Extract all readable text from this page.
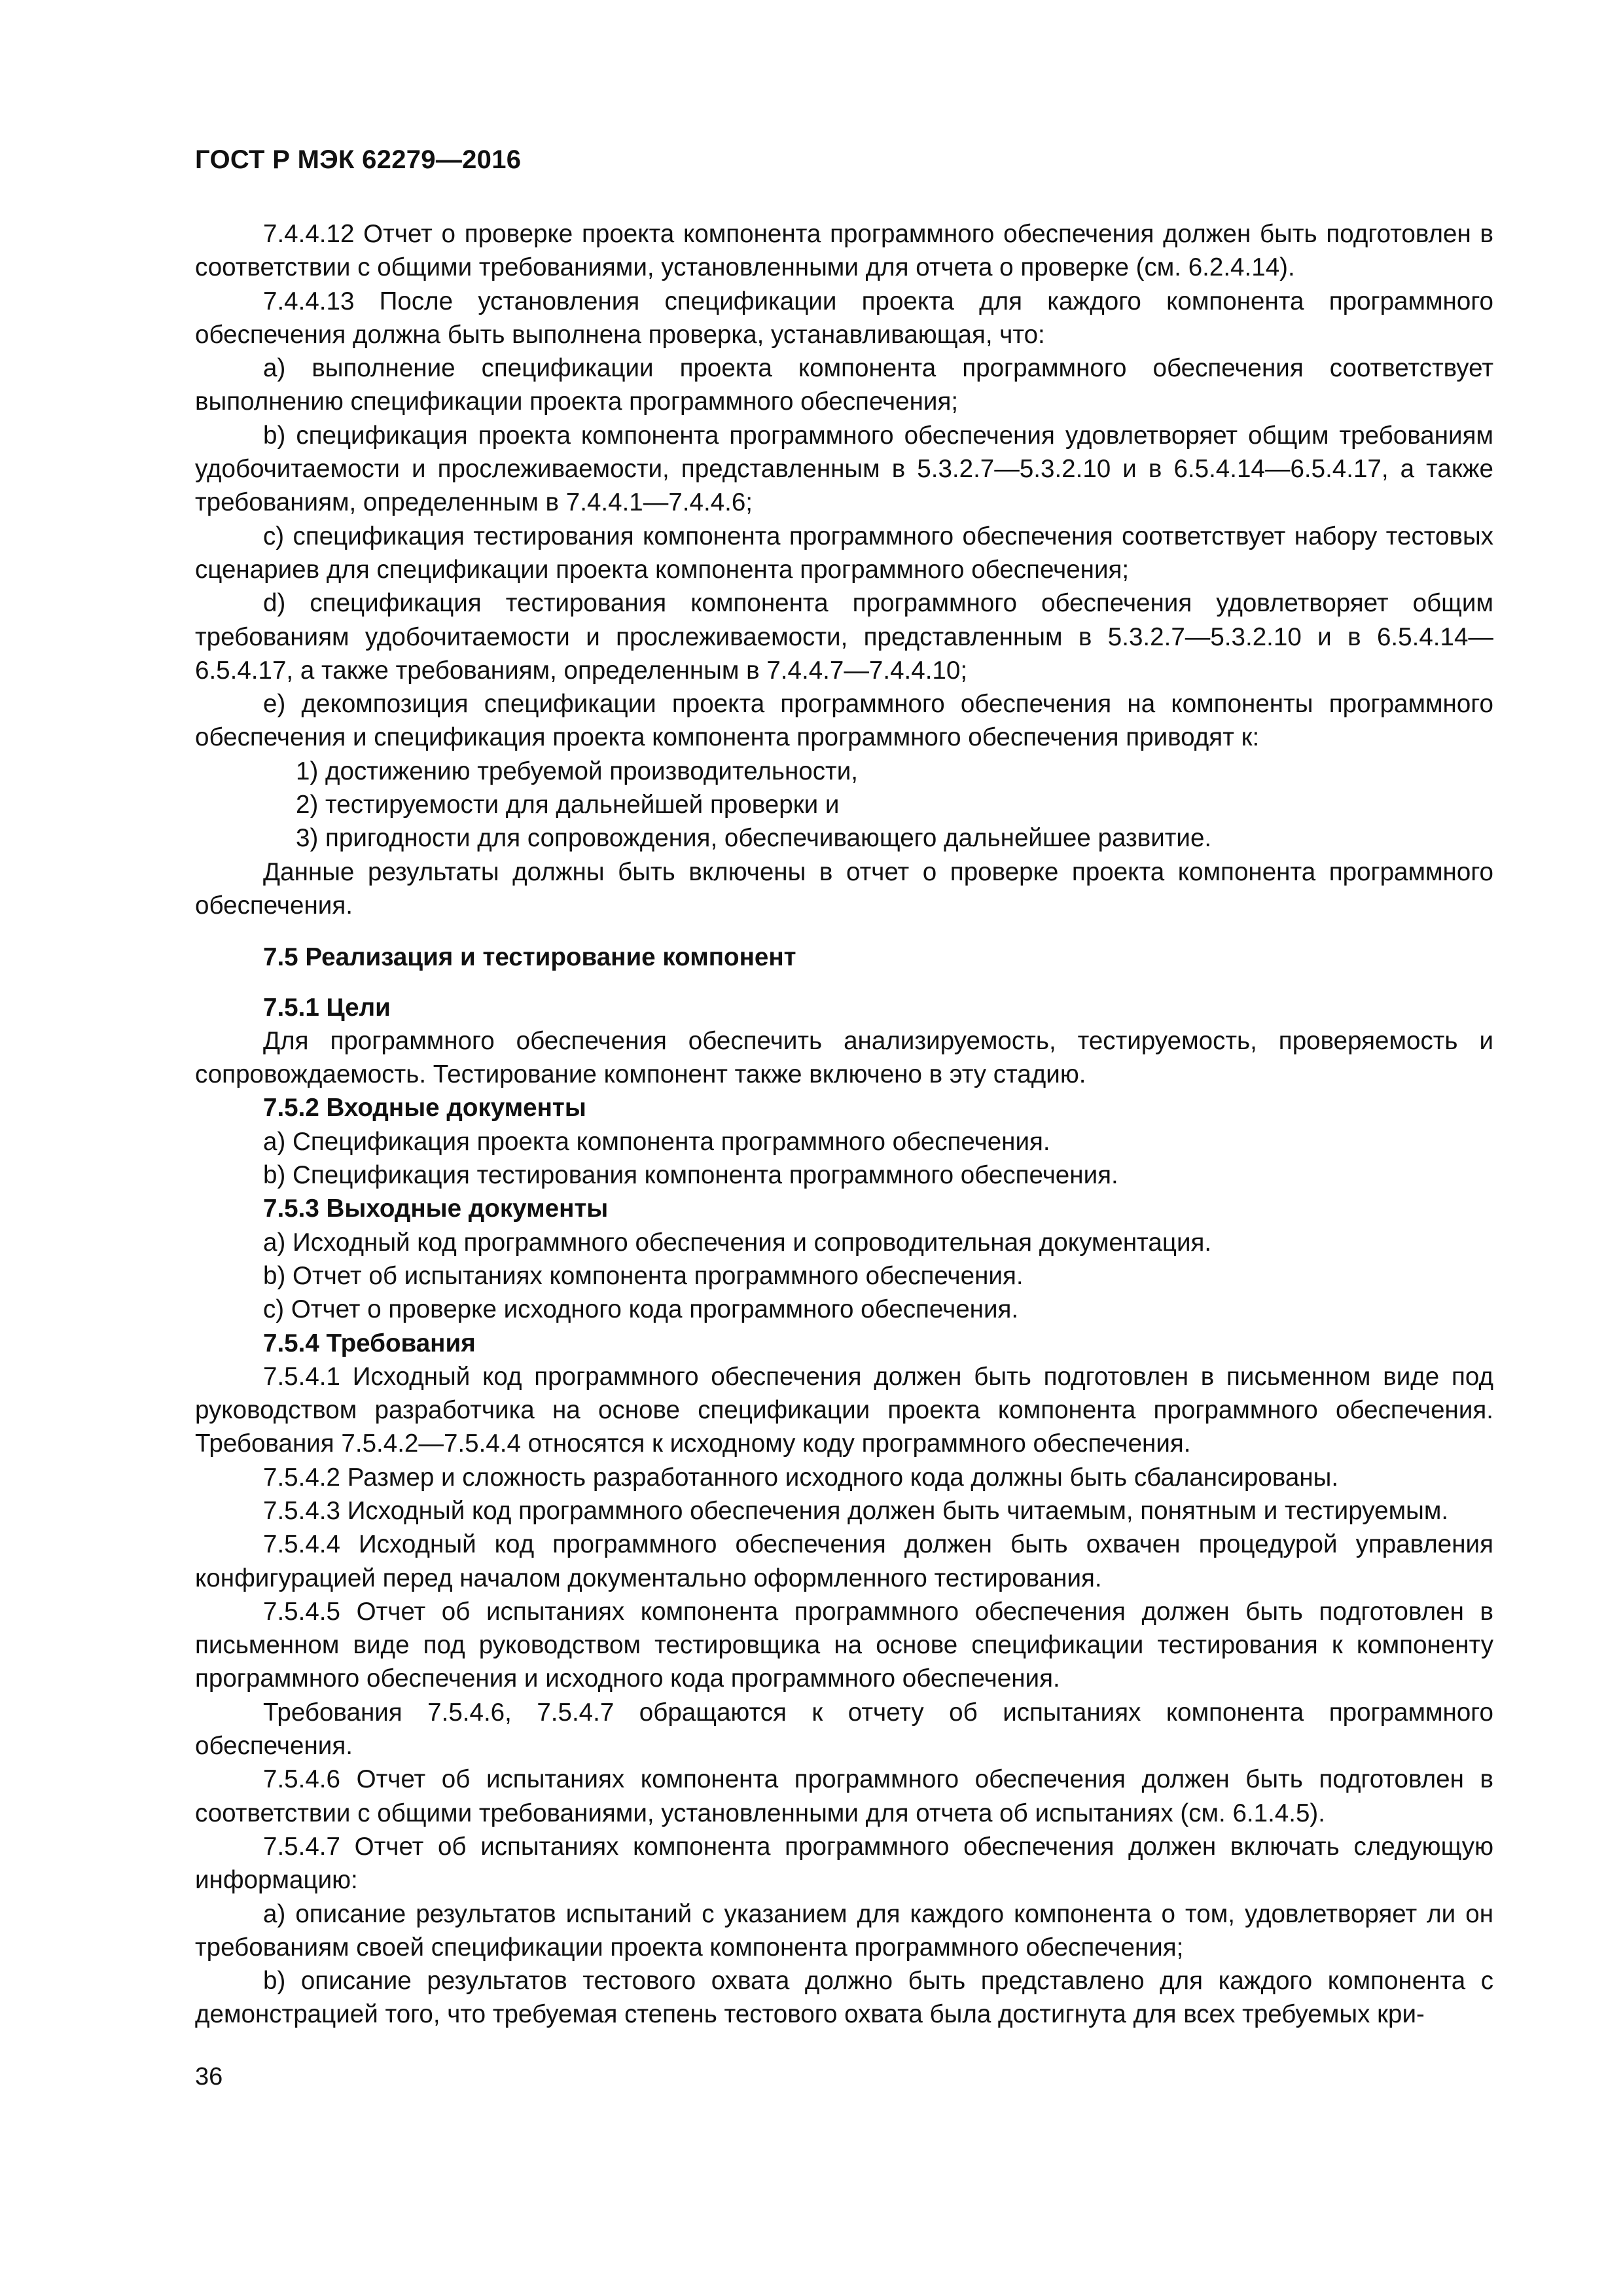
ГОСТ Р МЭК 62279—2016

7.4.4.12 Отчет о проверке проекта компонента программного обеспечения должен быть подготовлен в соответствии с общими требованиями, установленными для отчета о проверке (см. 6.2.4.14).

7.4.4.13 После установления спецификации проекта для каждого компонента программного обеспечения должна быть выполнена проверка, устанавливающая, что:

a) выполнение спецификации проекта компонента программного обеспечения соответствует выполнению спецификации проекта программного обеспечения;

b) спецификация проекта компонента программного обеспечения удовлетворяет общим требованиям удобочитаемости и прослеживаемости, представленным в 5.3.2.7—5.3.2.10 и в 6.5.4.14—6.5.4.17, а также требованиям, определенным в 7.4.4.1—7.4.4.6;

c) спецификация тестирования компонента программного обеспечения соответствует набору тестовых сценариев для спецификации проекта компонента программного обеспечения;

d) спецификация тестирования компонента программного обеспечения удовлетворяет общим требованиям удобочитаемости и прослеживаемости, представленным в 5.3.2.7—5.3.2.10 и в 6.5.4.14—6.5.4.17, а также требованиям, определенным в 7.4.4.7—7.4.4.10;

e) декомпозиция спецификации проекта программного обеспечения на компоненты программного обеспечения и спецификация проекта компонента программного обеспечения приводят к:

1) достижению требуемой производительности,

2) тестируемости для дальнейшей проверки и

3) пригодности для сопровождения, обеспечивающего дальнейшее развитие.

Данные результаты должны быть включены в отчет о проверке проекта компонента программного обеспечения.

7.5 Реализация и тестирование компонент
7.5.1 Цели

Для программного обеспечения обеспечить анализируемость, тестируемость, проверяемость и сопровождаемость. Тестирование компонент также включено в эту стадию.

7.5.2 Входные документы

a) Спецификация проекта компонента программного обеспечения.

b) Спецификация тестирования компонента программного обеспечения.

7.5.3 Выходные документы

a) Исходный код программного обеспечения и сопроводительная документация.

b) Отчет об испытаниях компонента программного обеспечения.

c) Отчет о проверке исходного кода программного обеспечения.

7.5.4 Требования

7.5.4.1 Исходный код программного обеспечения должен быть подготовлен в письменном виде под руководством разработчика на основе спецификации проекта компонента программного обеспечения. Требования 7.5.4.2—7.5.4.4 относятся к исходному коду программного обеспечения.

7.5.4.2 Размер и сложность разработанного исходного кода должны быть сбалансированы.

7.5.4.3 Исходный код программного обеспечения должен быть читаемым, понятным и тестируемым.

7.5.4.4 Исходный код программного обеспечения должен быть охвачен процедурой управления конфигурацией перед началом документально оформленного тестирования.

7.5.4.5 Отчет об испытаниях компонента программного обеспечения должен быть подготовлен в письменном виде под руководством тестировщика на основе спецификации тестирования к компоненту программного обеспечения и исходного кода программного обеспечения.

Требования 7.5.4.6, 7.5.4.7 обращаются к отчету об испытаниях компонента программного обеспечения.

7.5.4.6 Отчет об испытаниях компонента программного обеспечения должен быть подготовлен в соответствии с общими требованиями, установленными для отчета об испытаниях (см. 6.1.4.5).

7.5.4.7 Отчет об испытаниях компонента программного обеспечения должен включать следующую информацию:

a) описание результатов испытаний с указанием для каждого компонента о том, удовлетворяет ли он требованиям своей спецификации проекта компонента программного обеспечения;

b) описание результатов тестового охвата должно быть представлено для каждого компонента с демонстрацией того, что требуемая степень тестового охвата была достигнута для всех требуемых кри-

36
